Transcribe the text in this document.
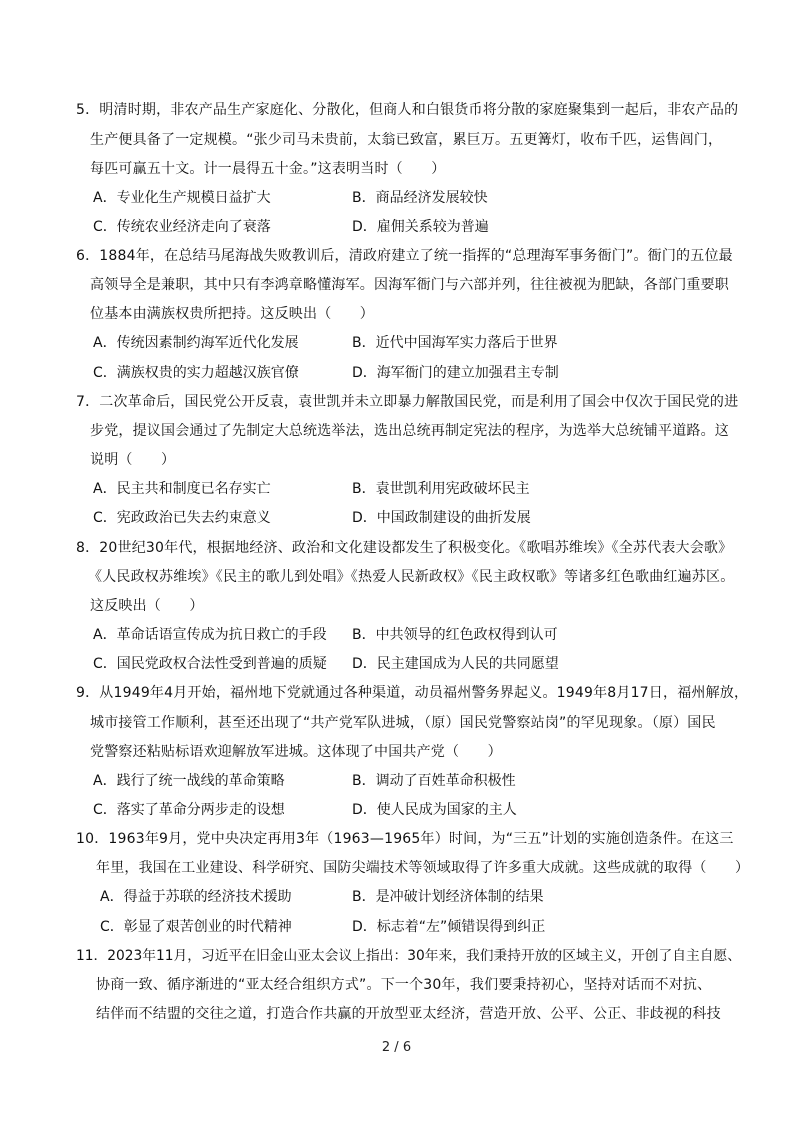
5．明清时期，非农产品生产家庭化、分散化，但商人和白银货币将分散的家庭聚集到一起后，非农产品的
生产便具备了一定规模。“张少司马未贵前，太翁已致富，累巨万。五更篝灯，收布千匹，运售闾门，
每匹可赢五十文。计一晨得五十金。”这表明当时（　　）
A．专业化生产规模日益扩大	B．商品经济发展较快
C．传统农业经济走向了衰落	D．雇佣关系较为普遍
6．1884年，在总结马尾海战失败教训后，清政府建立了统一指挥的“总理海军事务衙门”。衙门的五位最
高领导全是兼职，其中只有李鸿章略懂海军。因海军衙门与六部并列，往往被视为肥缺，各部门重要职
位基本由满族权贵所把持。这反映出（　　）
A．传统因素制约海军近代化发展	B．近代中国海军实力落后于世界
C．满族权贵的实力超越汉族官僚	D．海军衙门的建立加强君主专制
7．二次革命后，国民党公开反袁，袁世凯并未立即暴力解散国民党，而是利用了国会中仅次于国民党的进
步党，提议国会通过了先制定大总统选举法，选出总统再制定宪法的程序，为选举大总统铺平道路。这
说明（　　）
A．民主共和制度已名存实亡	B．袁世凯利用宪政破坏民主
C．宪政政治已失去约束意义	D．中国政制建设的曲折发展
8．20世纪30年代，根据地经济、政治和文化建设都发生了积极变化。《歌唱苏维埃》《全苏代表大会歌》
《人民政权苏维埃》《民主的歌儿到处唱》《热爱人民新政权》《民主政权歌》等诸多红色歌曲红遍苏区。
这反映出（　　）
A．革命话语宣传成为抗日救亡的手段 B．中共领导的红色政权得到认可
C．国民党政权合法性受到普遍的质疑 D．民主建国成为人民的共同愿望
9．从1949年4月开始，福州地下党就通过各种渠道，动员福州警务界起义。1949年8月17日，福州解放，
城市接管工作顺利，甚至还出现了“共产党军队进城，（原）国民党警察站岗”的罕见现象。（原）国民
党警察还粘贴标语欢迎解放军进城。这体现了中国共产党（　　）
A．践行了统一战线的革命策略	B．调动了百姓革命积极性
C．落实了革命分两步走的设想	D．使人民成为国家的主人
10．1963年9月，党中央决定再用3年（1963—1965年）时间，为“三五”计划的实施创造条件。在这三
年里，我国在工业建设、科学研究、国防尖端技术等领域取得了许多重大成就。这些成就的取得（　　）
A．得益于苏联的经济技术援助	B．是冲破计划经济体制的结果
C．彰显了艰苦创业的时代精神	D．标志着“左”倾错误得到纠正
11．2023年11月，习近平在旧金山亚太会议上指出：30年来，我们秉持开放的区域主义，开创了自主自愿、
协商一致、循序渐进的“亚太经合组织方式”。下一个30年，我们要秉持初心，坚持对话而不对抗、
结伴而不结盟的交往之道，打造合作共赢的开放型亚太经济，营造开放、公平、公正、非歧视的科技
2 / 6
